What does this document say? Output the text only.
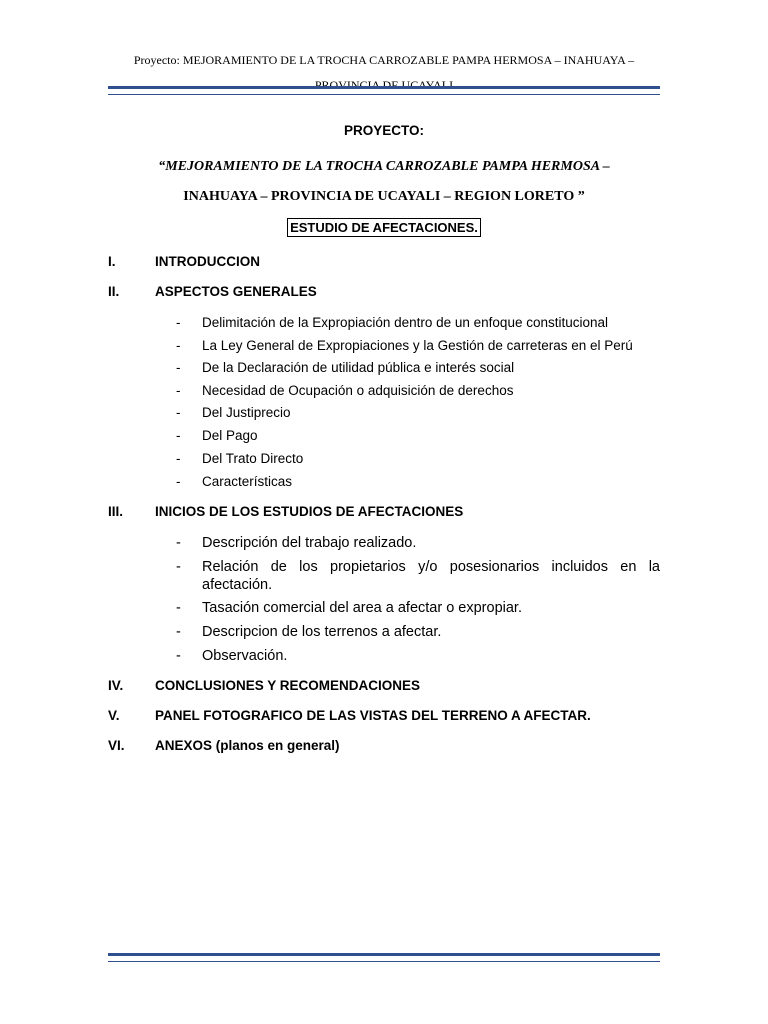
Proyecto: MEJORAMIENTO DE LA TROCHA CARROZABLE PAMPA HERMOSA – INAHUAYA –
PROVINCIA DE UCAYALI
PROYECTO:
“MEJORAMIENTO DE LA TROCHA CARROZABLE PAMPA HERMOSA –
INAHUAYA – PROVINCIA DE UCAYALI – REGION LORETO ”
ESTUDIO DE AFECTACIONES.
I.	INTRODUCCION
II.	ASPECTOS GENERALES
- Delimitación de la Expropiación dentro de un enfoque constitucional
- La Ley General de Expropiaciones y la Gestión de carreteras en el Perú
- De la Declaración de utilidad pública e interés social
- Necesidad de Ocupación o adquisición de derechos
- Del Justiprecio
- Del Pago
- Del Trato Directo
- Características
III. INICIOS DE LOS ESTUDIOS DE AFECTACIONES
- Descripción del trabajo realizado.
- Relación de los propietarios y/o posesionarios incluidos en la afectación.
- Tasación comercial del area a afectar o expropiar.
- Descripcion de los terrenos a afectar.
- Observación.
IV. CONCLUSIONES Y RECOMENDACIONES
V.	PANEL FOTOGRAFICO DE LAS VISTAS DEL TERRENO A AFECTAR.
VI. ANEXOS (planos en general)
